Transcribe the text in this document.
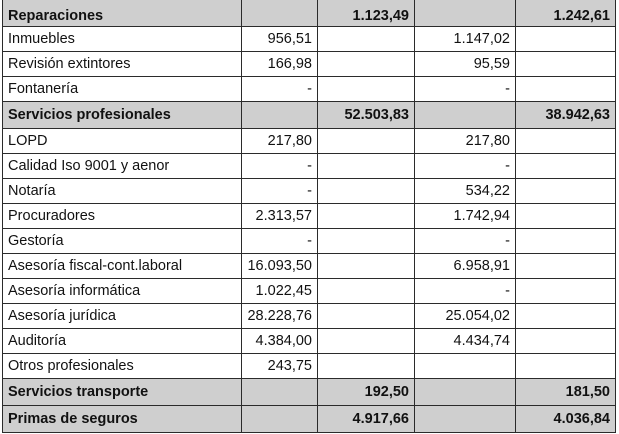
Reparaciones		1.123,49		1.242,61
Inmuebles	956,51		1.147,02	
Revisión extintores	166,98		95,59	
Fontanería	-		-	
Servicios profesionales		52.503,83		38.942,63
LOPD	217,80		217,80	
Calidad Iso 9001 y aenor	-		-	
Notaría	-		534,22	
Procuradores	2.313,57		1.742,94	
Gestoría	-		-	
Asesoría fiscal-cont.laboral	16.093,50		6.958,91	
Asesoría informática	1.022,45		-	
Asesoría jurídica	28.228,76		25.054,02	
Auditoría	4.384,00		4.434,74	
Otros profesionales	243,75			
Servicios transporte		192,50		181,50
Primas de seguros		4.917,66		4.036,84
